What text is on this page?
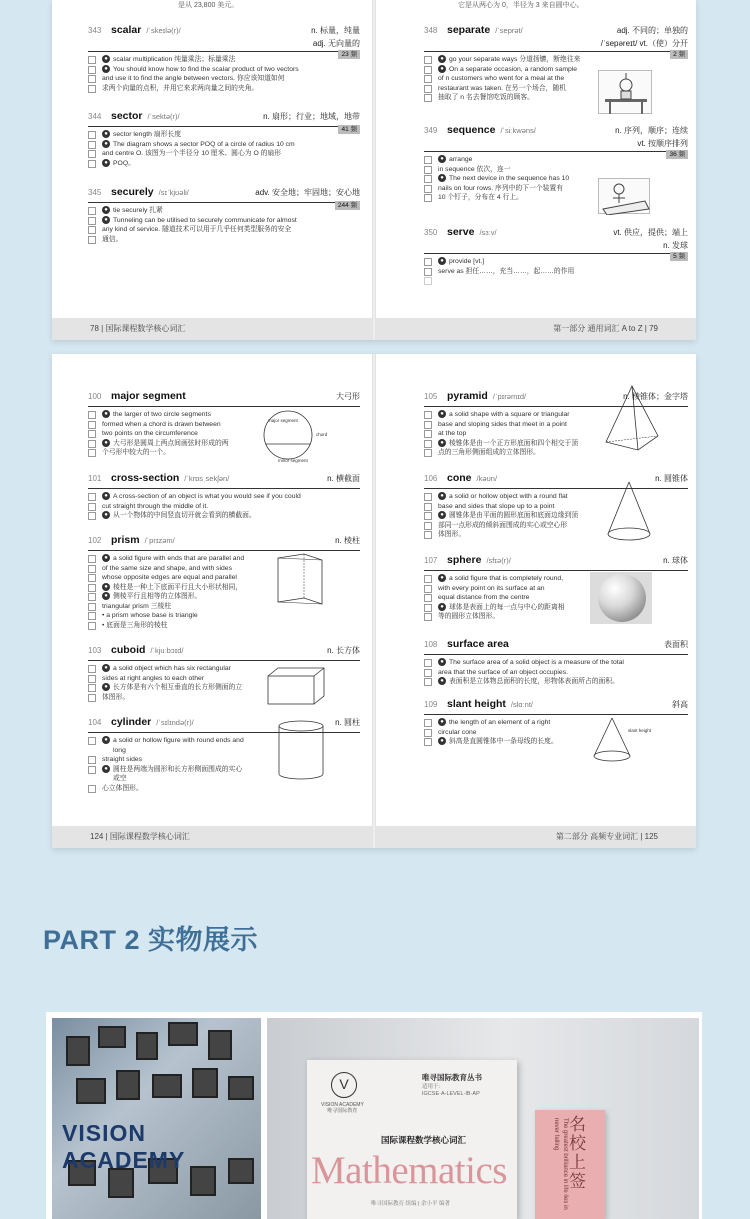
是从 23,800 美元。
343 scalar /ˈskeɪlə(r)/	n. 标量，纯量
adj. 无向量的
23 频
● scalar multiplication 纯量乘法；标量乘法
● You should know how to find the scalar product of two vectors
and use it to find the angle between vectors. 你应该知道如何
求两个向量的点积，并用它来求两向量之间的夹角。
344 sector /ˈsektə(r)/	n. 扇形；行业；地域，地带
41 频
● sector length 扇形长度
● The diagram shows a sector POQ of a circle of radius 10 cm
and centre O. 该图为一个半径分 10 厘米、圆心为 O 的扇形
● POQ。
345 securely /sɪˈkjʊəli/	adv. 安全地；牢固地；安心地
244 频
● tie securely 扎紧
● Tunneling can be utilised to securely communicate for almost
any kind of service. 隧道技术可以用于几乎任何类型服务的安全
通信。
它是从两心为 0，半径为 3 来自圆中心。
348 separate /ˈseprət/	adj. 不同的；单独的
/ˈsepəreɪt/ vt.（使）分开
2 频
● go your separate ways 分道扬镳，断绝往来
● On a separate occasion, a random sample
of n customers who went for a meal at the
restaurant was taken. 在另一个场合，随机
抽取了 n 名去餐馆吃饭的顾客。
349 sequence /ˈsiːkwəns/	n. 序列，顺序；连续
vt. 按顺序排列
36 频
● arrange
in sequence 依次，连一
● The next device in the sequence has 10
nails on four rows. 序列中的下一个装置有
10 个钉子，分布在 4 行上。
350 serve /sɜːv/	vt. 供应，提供；端上
n. 发球
5 频
● provide [vt.]
serve as 担任……，充当……，起……的作用
78 | 国际课程数学核心词汇	第一部分 通用词汇 A to Z | 79
major segment
chord
minor segment
100 major segment	大弓形
● the larger of two circle segments
formed when a chord is drawn between
two points on the circumference
● 大弓形是圆周上两点间画弦时形成的两
个弓形中较大的一个。
101 cross-section /ˈkrɒsˌsekʃən/	n. 横截面
● A cross-section of an object is what you would see if you could
cut straight through the middle of it.
● 从一个物体的中间竖直切开就会看到的横截面。
102 prism /ˈprɪzəm/	n. 棱柱
● a solid figure with ends that are parallel and
of the same size and shape, and with sides
whose opposite edges are equal and parallel
● 棱柱是一种上下底面平行且大小形状相同，
● 侧棱平行且相等的立体图形。
triangular prism 三棱柱
• a prism whose base is triangle
• 底面是三角形的棱柱
103 cuboid /ˈkjuːbɔɪd/	n. 长方体
● a solid object which has six rectangular
sides at right angles to each other
● 长方体是有六个相互垂直的长方形侧面的立
体图形。
104 cylinder /ˈsɪlɪndə(r)/	n. 圆柱
● a solid or hollow figure with round ends and long
straight sides
● 圆柱是两端为圆形和长方形侧面围成的实心或空
心立体图形。
slant height
105 pyramid /ˈpɪrəmɪd/	n. 棱锥体；金字塔
● a solid shape with a square or triangular
base and sloping sides that meet in a point
at the top
● 棱锥体是由一个正方形底面和四个相交于顶
点的三角形侧面组成的立体图形。
106 cone /kəʊn/	n. 圆锥体
● a solid or hollow object with a round flat
base and sides that slope up to a point
● 圆锥体是由平面的圆形底面和底面边缘到顶
部同一点形成的倾斜面围成的实心或空心形
体图形。
107 sphere /sfɪə(r)/	n. 球体
● a solid figure that is completely round,
with every point on its surface at an
equal distance from the centre
● 球体是表面上的每一点与中心的距离相
等的圆形立体图形。
108 surface area	表面积
● The surface area of a solid object is a measure of the total
area that the surface of an object occupies.
● 表面积是立体物总面积的长度，形物体表面所占的面积。
109 slant height /slɑːnt/	斜高
● the length of an element of a right
circular cone
● 斜高是直圆锥体中一条母线的长度。
124 | 国际课程数学核心词汇	第二部分 高频专业词汇 | 125
PART 2 实物展示
VISION ACADEMY
V
VISION ACADEMY
唯寻国际教育
唯寻国际教育丛书
适用于：
IGCSE·A-LEVEL·IB·AP
国际课程数学核心词汇
Mathematics
唯寻国际教育 组编 | 余小平 编著	The greatest brilliance in life lies in never falling 名校上签
